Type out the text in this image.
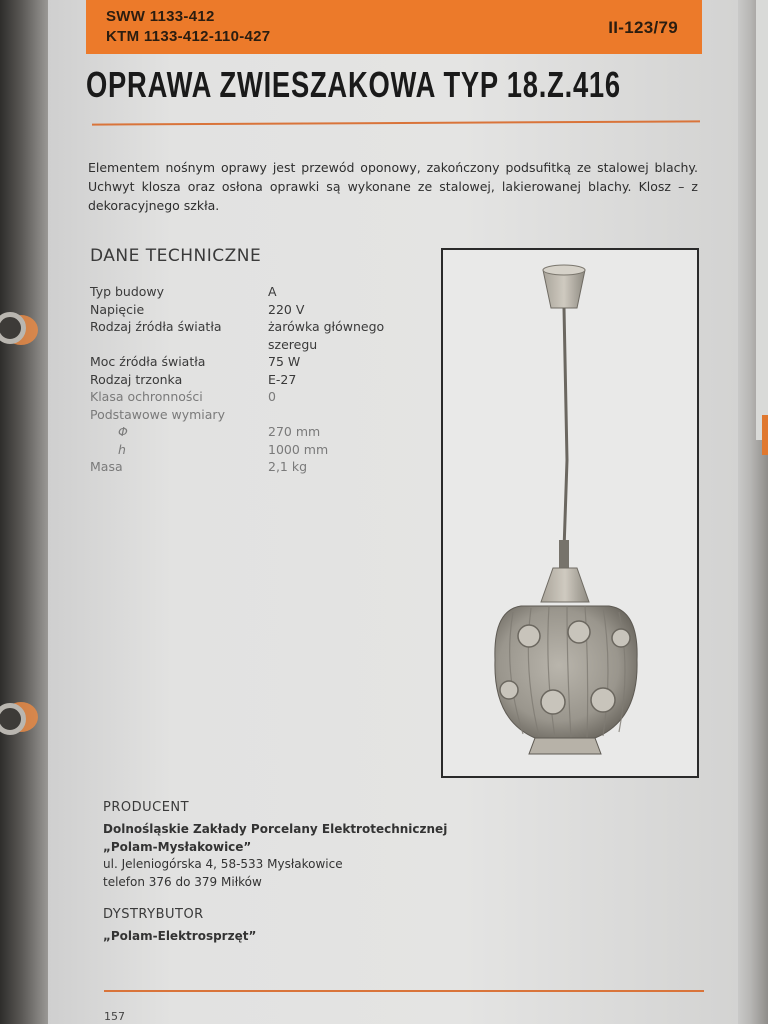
SWW 1133-412
KTM 1133-412-110-427	II-123/79
OPRAWA ZWIESZAKOWA TYP 18.Z.416
Elementem nośnym oprawy jest przewód oponowy, zakończony podsufitką ze stalowej blachy. Uchwyt klosza oraz osłona oprawki są wykonane ze stalowej, lakierowanej blachy. Klosz – z dekoracyjnego szkła.
DANE TECHNICZNE
Typ budowy	A
Napięcie	220 V
Rodzaj źródła światła	żarówka głównego szeregu
Moc źródła światła	75 W
Rodzaj trzonka	E-27
Klasa ochronności	0
Podstawowe wymiary
Φ	270 mm
h	1000 mm
Masa	2,1 kg
PRODUCENT
Dolnośląskie Zakłady Porcelany Elektrotechnicznej
„Polam-Mysłakowice”
ul. Jeleniogórska 4, 58-533 Mysłakowice
telefon 376 do 379 Miłków
DYSTRYBUTOR
„Polam-Elektrosprzęt”
157
